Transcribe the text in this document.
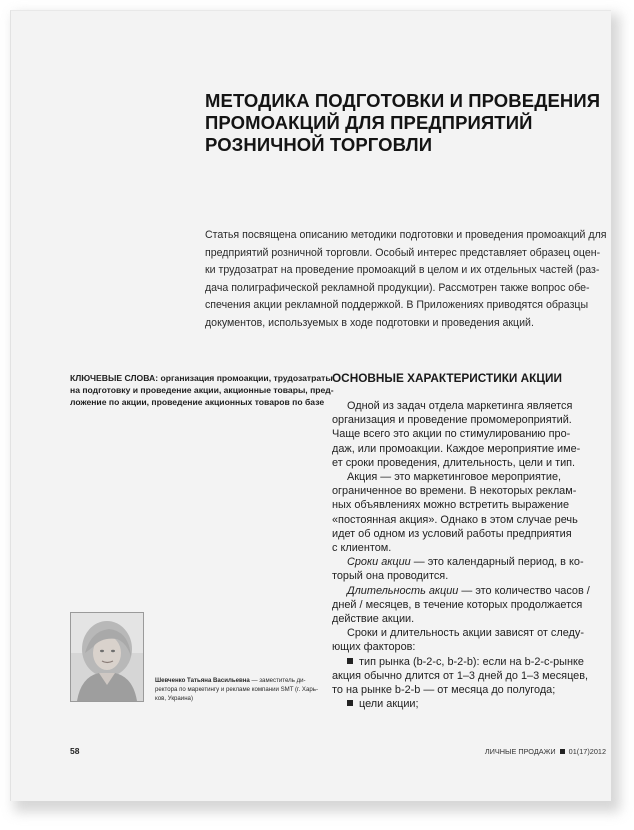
МЕТОДИКА ПОДГОТОВКИ И ПРОВЕДЕНИЯ
ПРОМОАКЦИЙ ДЛЯ ПРЕДПРИЯТИЙ
РОЗНИЧНОЙ ТОРГОВЛИ
Статья посвящена описанию методики подготовки и проведения промоакций для
предприятий розничной торговли. Особый интерес представляет образец оцен-
ки трудозатрат на проведение промоакций в целом и их отдельных частей (раз-
дача полиграфической рекламной продукции). Рассмотрен также вопрос обе-
спечения акции рекламной поддержкой. В Приложениях приводятся образцы
документов, используемых в ходе подготовки и проведения акций.
КЛЮЧЕВЫЕ СЛОВА: организация промоакции, трудозатраты
на подготовку и проведение акции, акционные товары, пред-
ложение по акции, проведение акционных товаров по базе
ОСНОВНЫЕ ХАРАКТЕРИСТИКИ АКЦИИ
Одной из задач отдела маркетинга является
организация и проведение промомероприятий.
Чаще всего это акции по стимулированию про-
даж, или промоакции. Каждое мероприятие име-
ет сроки проведения, длительность, цели и тип.
Акция — это маркетинговое мероприятие,
ограниченное во времени. В некоторых реклам-
ных объявлениях можно встретить выражение
«постоянная акция». Однако в этом случае речь
идет об одном из условий работы предприятия
с клиентом.
Сроки акции — это календарный период, в ко-
торый она проводится.
Длительность акции — это количество часов /
дней / месяцев, в течение которых продолжается
действие акции.
Сроки и длительность акции зависят от следу-
ющих факторов:
тип рынка (b-2-c, b-2-b): если на b-2-c-рынке
акция обычно длится от 1–3 дней до 1–3 месяцев,
то на рынке b-2-b — от месяца до полугода;
цели акции;
Шевченко Татьяна Васильевна — заместитель ди-
ректора по маркетингу и рекламе компании SMT (г. Харь-
ков, Украина)
58	ЛИЧНЫЕ ПРОДАЖИ 01(17)2012
